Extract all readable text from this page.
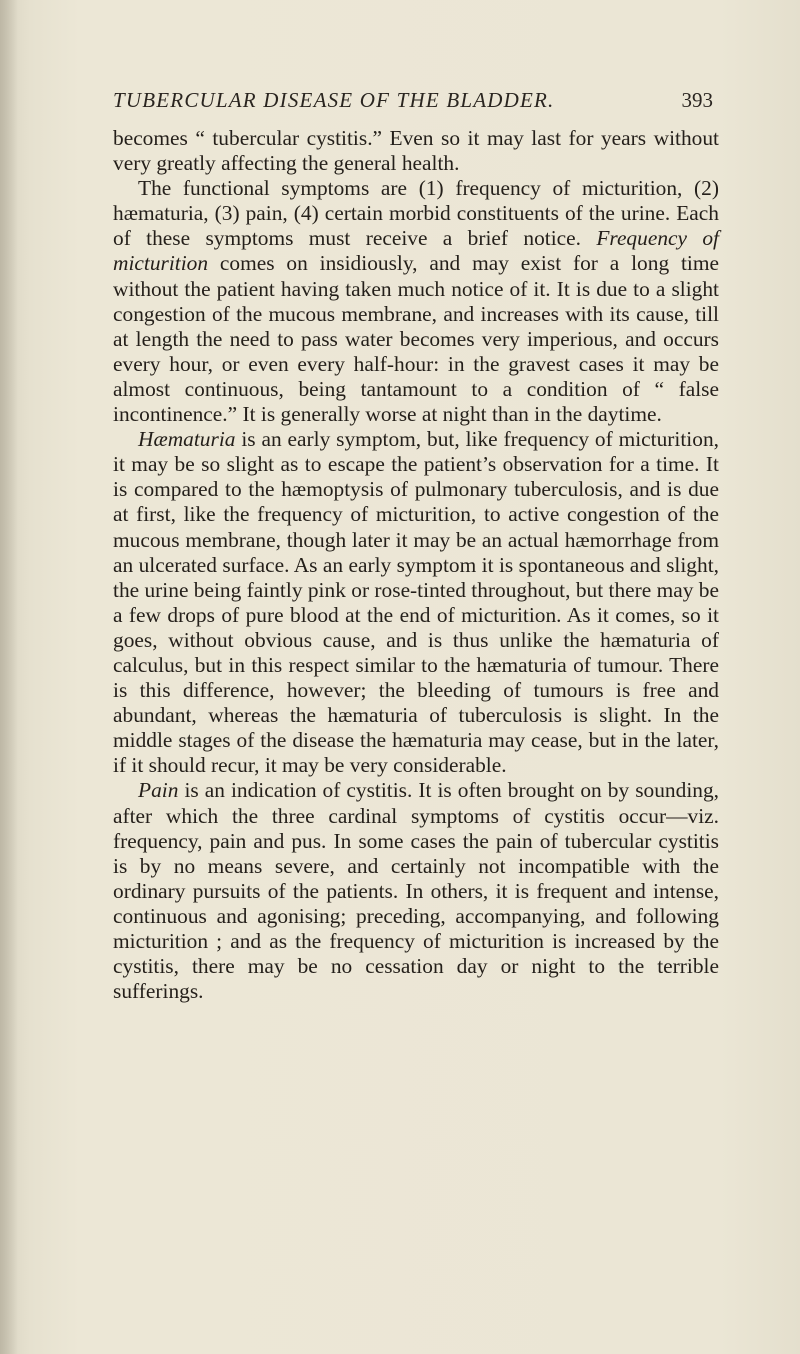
TUBERCULAR DISEASE OF THE BLADDER.	393

becomes “ tubercular cystitis.” Even so it may last for years without very greatly affecting the general health.

The functional symptoms are (1) frequency of micturition, (2) hæmaturia, (3) pain, (4) certain morbid constituents of the urine. Each of these symptoms must receive a brief notice. Frequency of micturition comes on insidiously, and may exist for a long time without the patient having taken much notice of it. It is due to a slight congestion of the mucous membrane, and increases with its cause, till at length the need to pass water becomes very imperious, and occurs every hour, or even every half-hour: in the gravest cases it may be almost continuous, being tantamount to a condition of “ false incontinence.” It is generally worse at night than in the daytime.

Hæmaturia is an early symptom, but, like frequency of micturition, it may be so slight as to escape the patient’s observation for a time. It is compared to the hæmoptysis of pulmonary tuberculosis, and is due at first, like the frequency of micturition, to active congestion of the mucous membrane, though later it may be an actual hæmorrhage from an ulcerated surface. As an early symptom it is spontaneous and slight, the urine being faintly pink or rose-tinted throughout, but there may be a few drops of pure blood at the end of micturition. As it comes, so it goes, without obvious cause, and is thus unlike the hæmaturia of calculus, but in this respect similar to the hæmaturia of tumour. There is this difference, however; the bleeding of tumours is free and abundant, whereas the hæmaturia of tuberculosis is slight. In the middle stages of the disease the hæmaturia may cease, but in the later, if it should recur, it may be very considerable.

Pain is an indication of cystitis. It is often brought on by sounding, after which the three cardinal symptoms of cystitis occur—viz. frequency, pain and pus. In some cases the pain of tubercular cystitis is by no means severe, and certainly not incompatible with the ordinary pursuits of the patients. In others, it is frequent and intense, continuous and agonising; preceding, accompanying, and following micturition ; and as the frequency of micturition is increased by the cystitis, there may be no cessation day or night to the terrible sufferings.
